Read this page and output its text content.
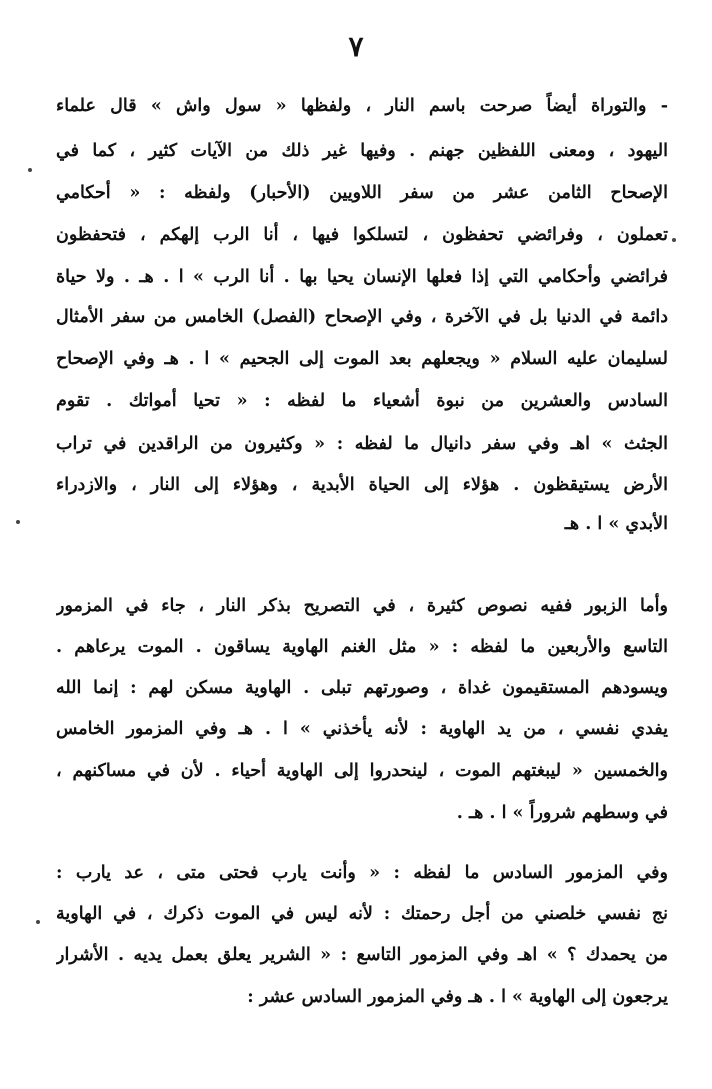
٧
- والتوراة أيضاً صرحت باسم النار ، ولفظها « سول واش » قال علماء
اليهود ، ومعنى اللفظين جهنم . وفيها غير ذلك من الآيات كثير ، كما في
الإصحاح الثامن عشر من سفر اللاويين (الأحبار) ولفظه : « أحكامي
تعملون ، وفرائضي تحفظون ، لتسلكوا فيها ، أنا الرب إلهكم ، فتحفظون
فرائضي وأحكامي التي إذا فعلها الإنسان يحيا بها . أنا الرب » ا . هـ . ولا حياة
دائمة في الدنيا بل في الآخرة ، وفي الإصحاح (الفصل) الخامس من سفر الأمثال
لسليمان عليه السلام « ويجعلهم بعد الموت إلى الجحيم » ا . هـ وفي الإصحاح
السادس والعشرين من نبوة أشعياء ما لفظه : « تحيا أمواتك . تقوم
الجثث » اهـ وفي سفر دانيال ما لفظه : « وكثيرون من الراقدين في تراب
الأرض يستيقظون . هؤلاء إلى الحياة الأبدية ، وهؤلاء إلى النار ، والازدراء
الأبدي » ا . هـ
وأما الزبور ففيه نصوص كثيرة ، في التصريح بذكر النار ، جاء في المزمور
التاسع والأربعين ما لفظه : « مثل الغنم الهاوية يساقون . الموت يرعاهم .
ويسودهم المستقيمون غداة ، وصورتهم تبلى . الهاوية مسكن لهم : إنما الله
يفدي نفسي ، من يد الهاوية : لأنه يأخذني » ا . هـ وفي المزمور الخامس
والخمسين « ليبغتهم الموت ، لينحدروا إلى الهاوية أحياء . لأن في مساكنهم ،
في وسطهم شروراً » ا . هـ .
وفي المزمور السادس ما لفظه : « وأنت يارب فحتى متى ، عد يارب :
نج نفسي خلصني من أجل رحمتك : لأنه ليس في الموت ذكرك ، في الهاوية
من يحمدك ؟ » اهـ وفي المزمور التاسع : « الشرير يعلق بعمل يديه . الأشرار
يرجعون إلى الهاوية » ا . هـ وفي المزمور السادس عشر :
